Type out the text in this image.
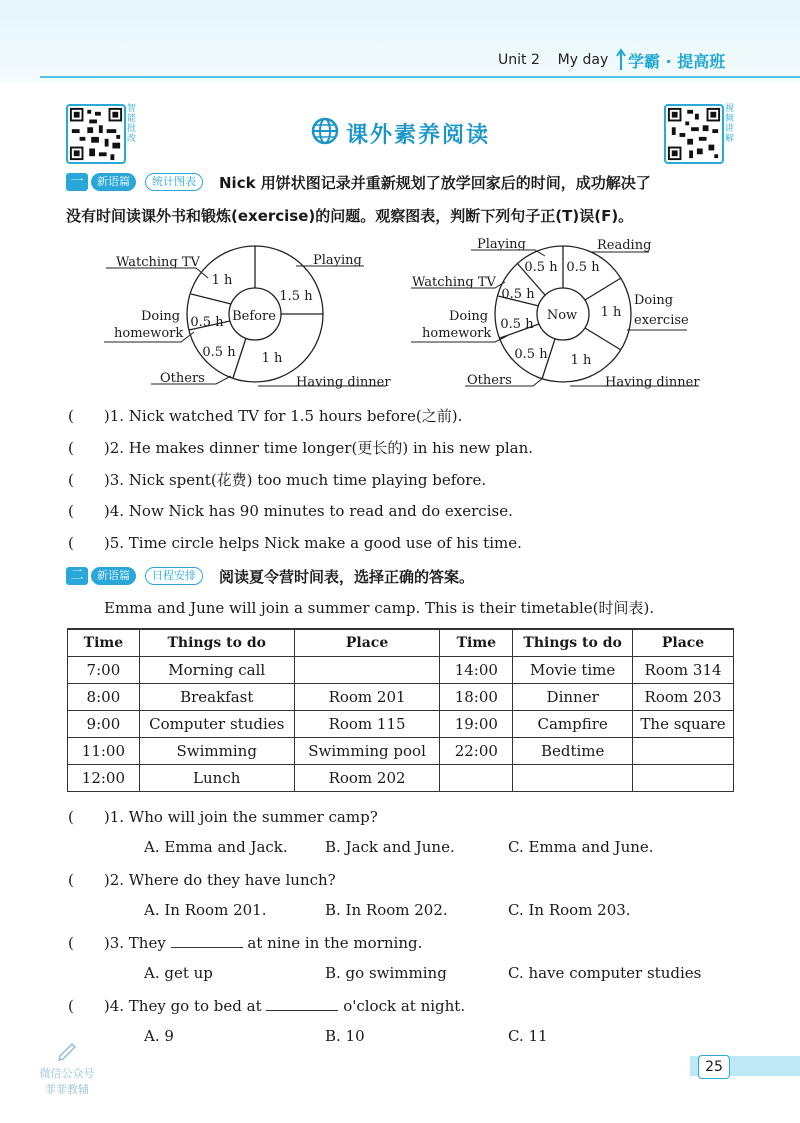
Unit 2    My day 学霸 · 提高班
智能批改
视频讲解
课外素养阅读
一	新语篇	统计图表	Nick 用饼状图记录并重新规划了放学回家后的时间，成功解决了
没有时间读课外书和锻炼(exercise)的问题。观察图表，判断下列句子正(T)误(F)。
Before
1 h
1.5 h
1 h
0.5 h
0.5 h
Watching TV	Playing
Doing
homework
Others	Having dinner
Now
0.5 h 0.5 h
1 h
1 h
0.5 h
0.5 h
0.5 h
Playing	Reading
Doing
exercise
Watching TV
Doing
homework
Others	Having dinner
(　　)1. Nick watched TV for 1.5 hours before(之前).
(　　)2. He makes dinner time longer(更长的) in his new plan.
(　　)3. Nick spent(花费) too much time playing before.
(　　)4. Now Nick has 90 minutes to read and do exercise.
(　　)5. Time circle helps Nick make a good use of his time.
二	新语篇	日程安排	阅读夏令营时间表，选择正确的答案。
Emma and June will join a summer camp. This is their timetable(时间表).
Time	Things to do	Place	Time	Things to do	Place
7:00	Morning call		14:00	Movie time	Room 314
8:00	Breakfast	Room 201	18:00	Dinner	Room 203
9:00	Computer studies	Room 115	19:00	Campfire	The square
11:00	Swimming	Swimming pool	22:00	Bedtime	
12:00	Lunch	Room 202			
(　　)1. Who will join the summer camp?
A. Emma and Jack. B. Jack and June.	C. Emma and June.
(　　)2. Where do they have lunch?
A. In Room 201.	B. In Room 202.	C. In Room 203.
(　　)3. They	at nine in the morning.
A. get up	B. go swimming	C. have computer studies
(　　)4. They go to bed at	o'clock at night.
A. 9	B. 10	C. 11
微信公众号
菲菲教辅
25
